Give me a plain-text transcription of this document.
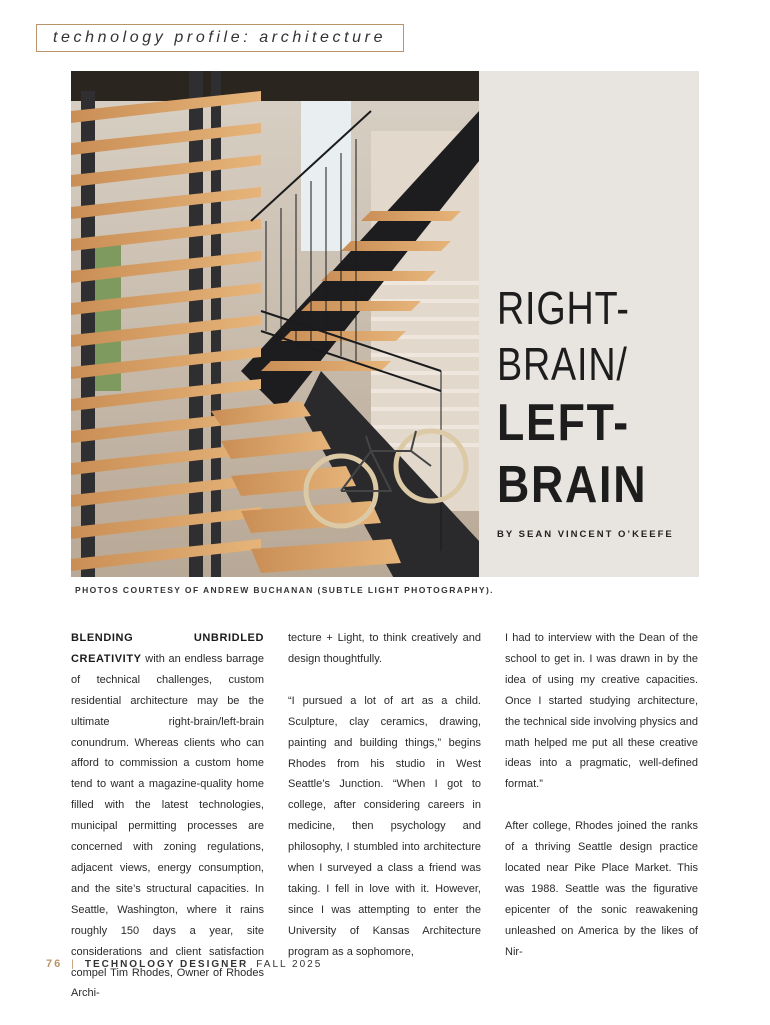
technology profile: architecture
RIGHT-
BRAIN/
LEFT-
BRAIN

BY SEAN VINCENT O’KEEFE

PHOTOS COURTESY OF ANDREW BUCHANAN (SUBTLE LIGHT PHOTOGRAPHY).

BLENDING UNBRIDLED CREATIVITY with an endless barrage of technical challenges, custom residential architecture may be the ultimate right-brain/left-brain conundrum. Whereas clients who can afford to commission a custom home tend to want a magazine-quality home filled with the latest technologies, municipal permitting processes are concerned with zoning regulations, adjacent views, energy consumption, and the site’s structural capacities. In Seattle, Washington, where it rains roughly 150 days a year, site considerations and client satisfaction compel Tim Rhodes, Owner of Rhodes Archi-

tecture + Light, to think creatively and design thoughtfully.

“I pursued a lot of art as a child. Sculpture, clay ceramics, drawing, painting and building things,” begins Rhodes from his studio in West Seattle’s Junction. “When I got to college, after considering careers in medicine, then psychology and philosophy, I stumbled into architecture when I surveyed a class a friend was taking. I fell in love with it. However, since I was attempting to enter the University of Kansas Architecture program as a sophomore,

I had to interview with the Dean of the school to get in. I was drawn in by the idea of using my creative capacities. Once I started studying architecture, the technical side involving physics and math helped me put all these creative ideas into a pragmatic, well-defined format.”

After college, Rhodes joined the ranks of a thriving Seattle design practice located near Pike Place Market. This was 1988. Seattle was the figurative epicenter of the sonic reawakening unleashed on America by the likes of Nir-

76 | TECHNOLOGY DESIGNER FALL 2025
